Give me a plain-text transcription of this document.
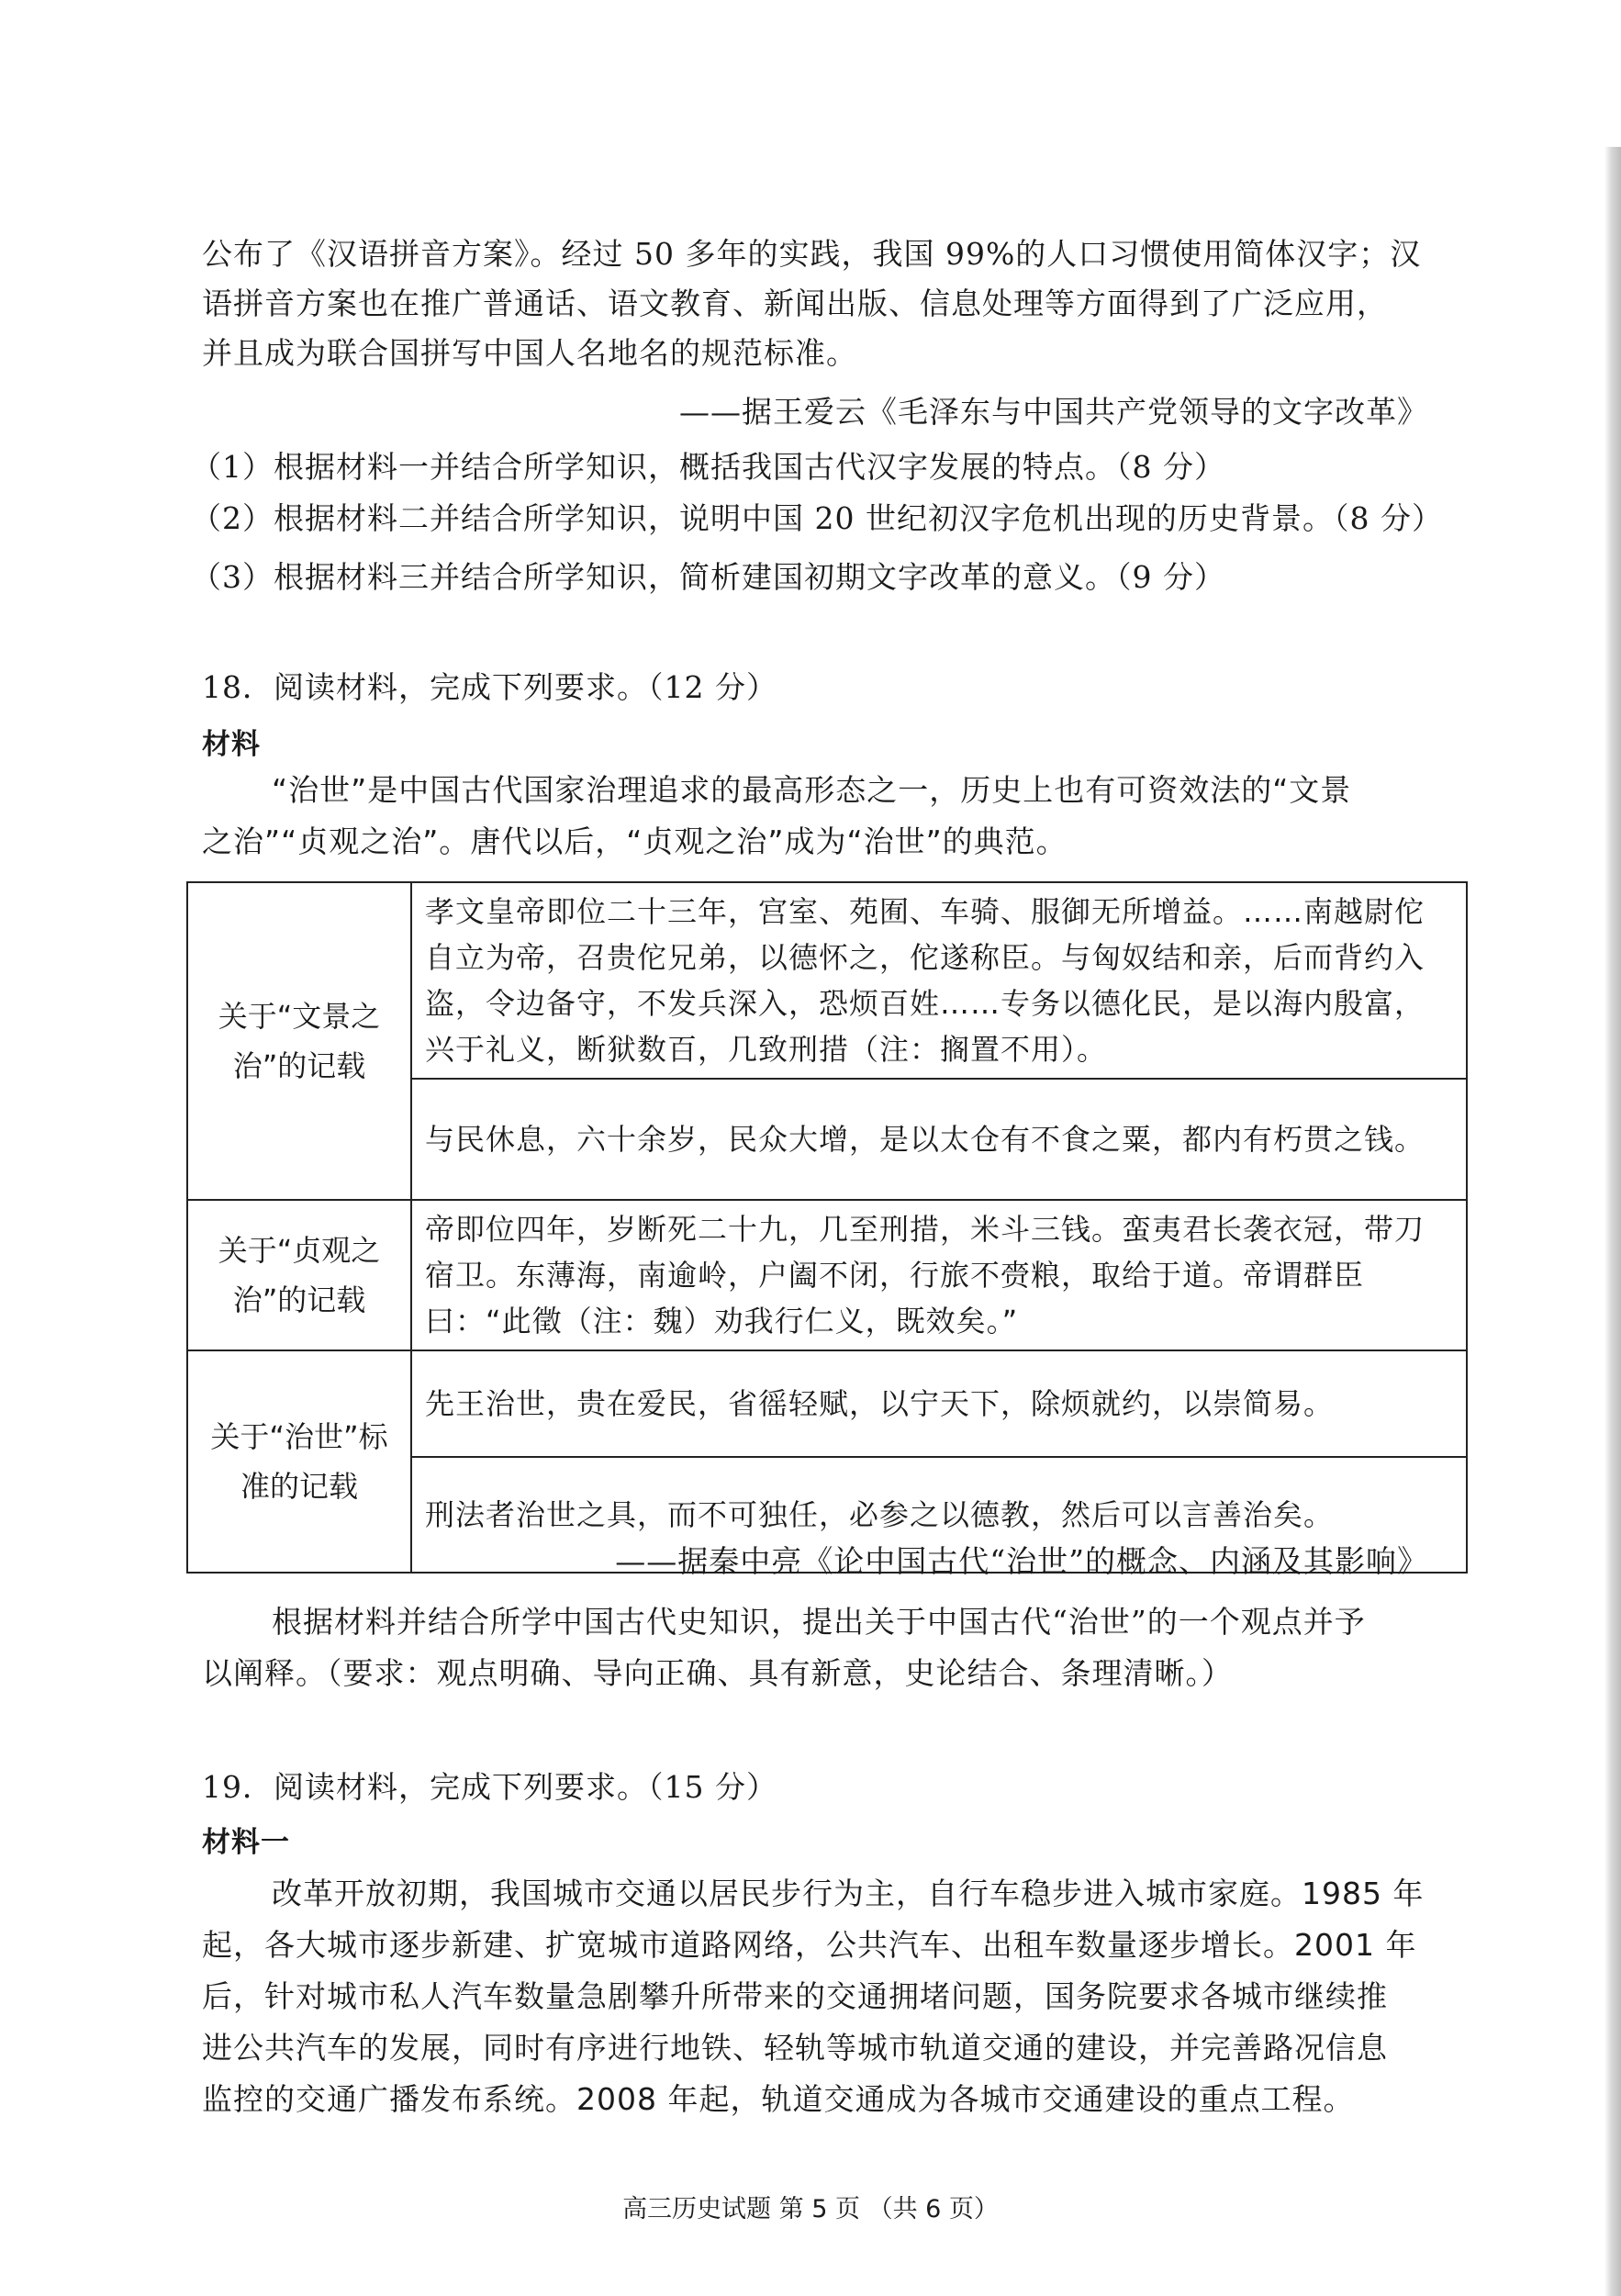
公布了《汉语拼音方案》。经过 50 多年的实践，我国 99%的人口习惯使用简体汉字；汉
语拼音方案也在推广普通话、语文教育、新闻出版、信息处理等方面得到了广泛应用，
并且成为联合国拼写中国人名地名的规范标准。
——据王爱云《毛泽东与中国共产党领导的文字改革》
（1）根据材料一并结合所学知识，概括我国古代汉字发展的特点。（8 分）
（2）根据材料二并结合所学知识，说明中国 20 世纪初汉字危机出现的历史背景。（8 分）
（3）根据材料三并结合所学知识，简析建国初期文字改革的意义。（9 分）
18．阅读材料，完成下列要求。（12 分）
材料
“治世”是中国古代国家治理追求的最高形态之一，历史上也有可资效法的“文景
之治”“贞观之治”。唐代以后，“贞观之治”成为“治世”的典范。
关于“文景之治”的记载	孝文皇帝即位二十三年，宫室、苑囿、车骑、服御无所增益。……南越尉佗自立为帝，召贵佗兄弟，以德怀之，佗遂称臣。与匈奴结和亲，后而背约入盗，令边备守，不发兵深入，恐烦百姓……专务以德化民，是以海内殷富，兴于礼义，断狱数百，几致刑措（注：搁置不用）。
	与民休息，六十余岁，民众大增，是以太仓有不食之粟，都内有朽贯之钱。
关于“贞观之治”的记载	帝即位四年，岁断死二十九，几至刑措，米斗三钱。蛮夷君长袭衣冠，带刀宿卫。东薄海，南逾岭，户阖不闭，行旅不赍粮，取给于道。帝谓群臣曰：“此徵（注：魏）劝我行仁义，既效矣。”
关于“治世”标准的记载	先王治世，贵在爱民，省徭轻赋，以宁天下，除烦就约，以崇简易。
	刑法者治世之具，而不可独任，必参之以德教，然后可以言善治矣。
——据秦中亮《论中国古代“治世”的概念、内涵及其影响》
根据材料并结合所学中国古代史知识，提出关于中国古代“治世”的一个观点并予
以阐释。（要求：观点明确、导向正确、具有新意，史论结合、条理清晰。）
19．阅读材料，完成下列要求。（15 分）
材料一
改革开放初期，我国城市交通以居民步行为主，自行车稳步进入城市家庭。1985 年
起，各大城市逐步新建、扩宽城市道路网络，公共汽车、出租车数量逐步增长。2001 年
后，针对城市私人汽车数量急剧攀升所带来的交通拥堵问题，国务院要求各城市继续推
进公共汽车的发展，同时有序进行地铁、轻轨等城市轨道交通的建设，并完善路况信息
监控的交通广播发布系统。2008 年起，轨道交通成为各城市交通建设的重点工程。
高三历史试题 第 5 页 （共 6 页）
